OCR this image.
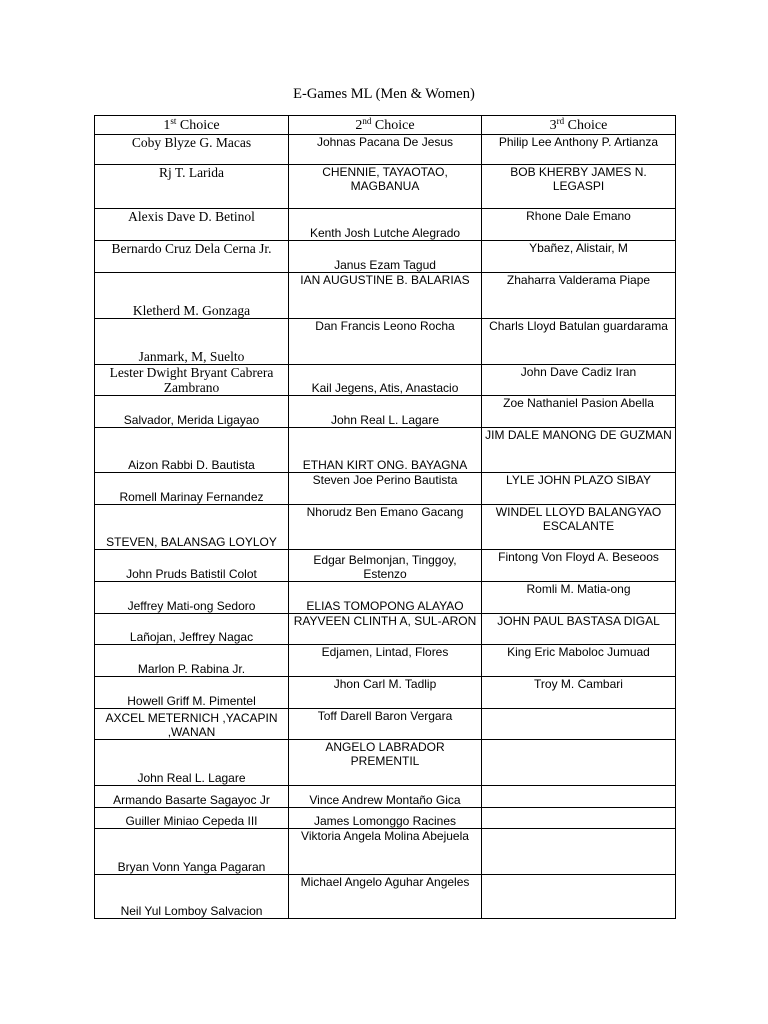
E-Games ML (Men & Women)
1st Choice	2nd Choice	3rd Choice
Coby Blyze G. Macas	Johnas Pacana De Jesus	Philip Lee Anthony P. Artianza
Rj T. Larida	CHENNIE, TAYAOTAO, MAGBANUA	BOB KHERBY JAMES N. LEGASPI
Alexis Dave D. Betinol	Kenth Josh Lutche Alegrado	Rhone Dale Emano
Bernardo Cruz Dela Cerna Jr.	Janus Ezam Tagud	Ybañez, Alistair, M
Kletherd M. Gonzaga	IAN AUGUSTINE B. BALARIAS	Zhaharra Valderama Piape
Janmark, M, Suelto	Dan Francis Leono Rocha	Charls Lloyd Batulan guardarama
Lester Dwight Bryant Cabrera Zambrano	Kail Jegens, Atis, Anastacio	John Dave Cadiz Iran
Salvador, Merida Ligayao	John Real L. Lagare	Zoe Nathaniel Pasion Abella
Aizon Rabbi D. Bautista	ETHAN KIRT ONG. BAYAGNA	JIM DALE MANONG DE GUZMAN
Romell Marinay Fernandez	Steven Joe Perino Bautista	LYLE JOHN PLAZO SIBAY
STEVEN, BALANSAG LOYLOY	Nhorudz Ben Emano Gacang	WINDEL LLOYD BALANGYAO ESCALANTE
John Pruds Batistil Colot	Edgar Belmonjan, Tinggoy, Estenzo	Fintong Von Floyd A. Beseoos
Jeffrey Mati-ong Sedoro	ELIAS TOMOPONG ALAYAO	Romli M. Matia-ong
Lañojan, Jeffrey Nagac	RAYVEEN CLINTH A, SUL-ARON	JOHN PAUL BASTASA DIGAL
Marlon P. Rabina Jr.	Edjamen, Lintad, Flores	King Eric Maboloc Jumuad
Howell Griff M. Pimentel	Jhon Carl M. Tadlip	Troy M. Cambari
AXCEL METERNICH ,YACAPIN ,WANAN	Toff Darell Baron Vergara	
John Real L. Lagare	ANGELO LABRADOR PREMENTIL	
Armando Basarte Sagayoc Jr	Vince Andrew Montaño Gica	
Guiller Miniao Cepeda III	James Lomonggo Racines	
Bryan Vonn Yanga Pagaran	Viktoria Angela Molina Abejuela	
Neil Yul Lomboy Salvacion	Michael Angelo Aguhar Angeles	
